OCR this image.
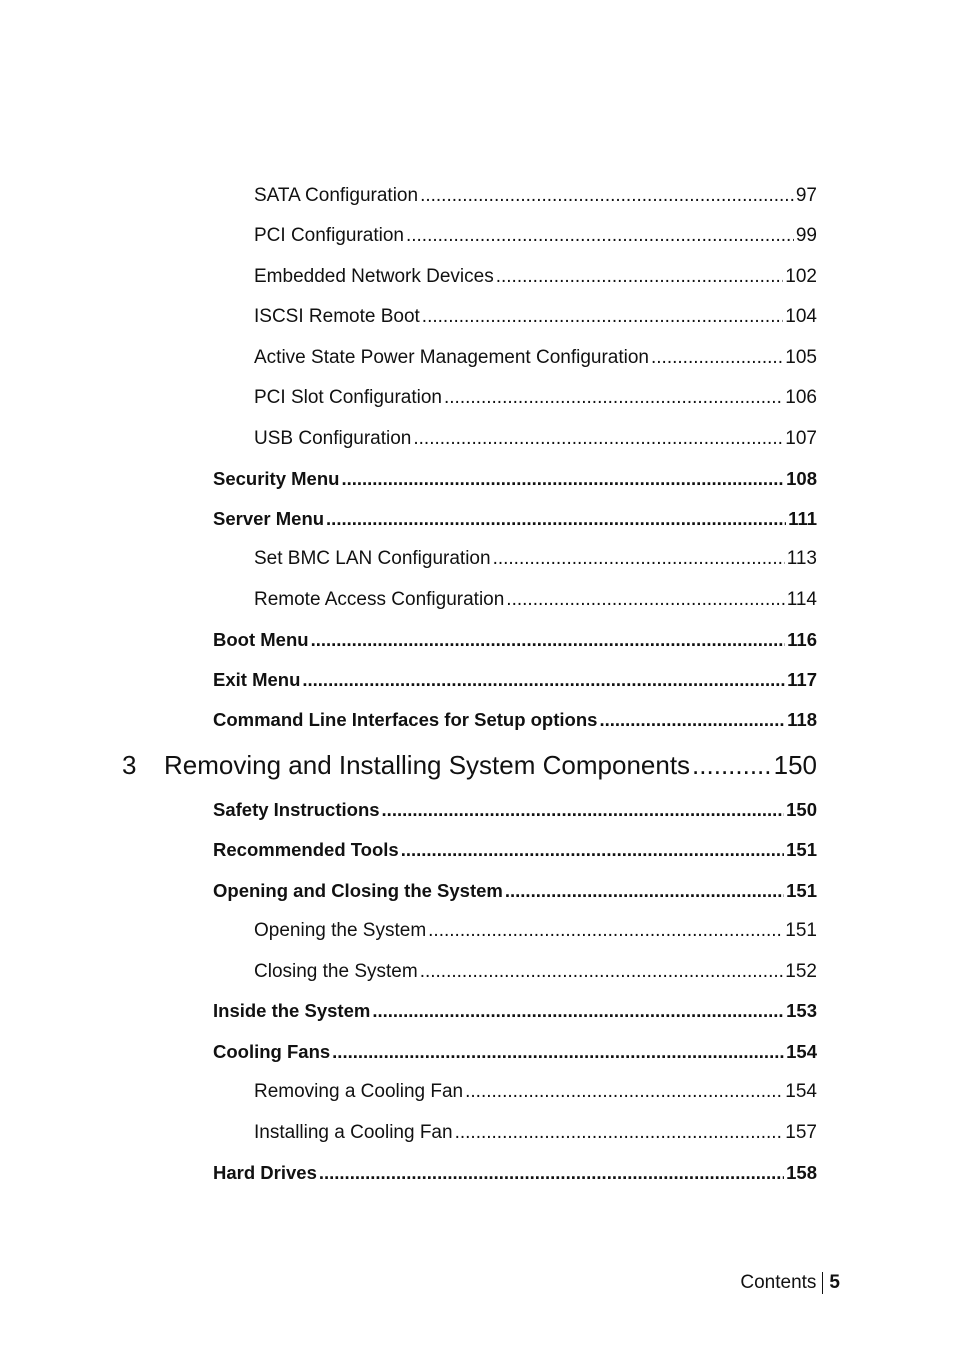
SATA Configuration .....	97
PCI Configuration .....	99
Embedded Network Devices .....	102
ISCSI Remote Boot .....	104
Active State Power Management Configuration .....	105
PCI Slot Configuration .....	106
USB Configuration .....	107
Security Menu .....	108
Server Menu .....	111
Set BMC LAN Configuration .....	113
Remote Access Configuration .....	114
Boot Menu .....	116
Exit Menu .....	117
Command Line Interfaces for Setup options .....	118
3	Removing and Installing System Components .....	150
Safety Instructions .....	150
Recommended Tools .....	151
Opening and Closing the System .....	151
Opening the System .....	151
Closing the System .....	152
Inside the System .....	153
Cooling Fans .....	154
Removing a Cooling Fan .....	154
Installing a Cooling Fan .....	157
Hard Drives .....	158
Contents 5
